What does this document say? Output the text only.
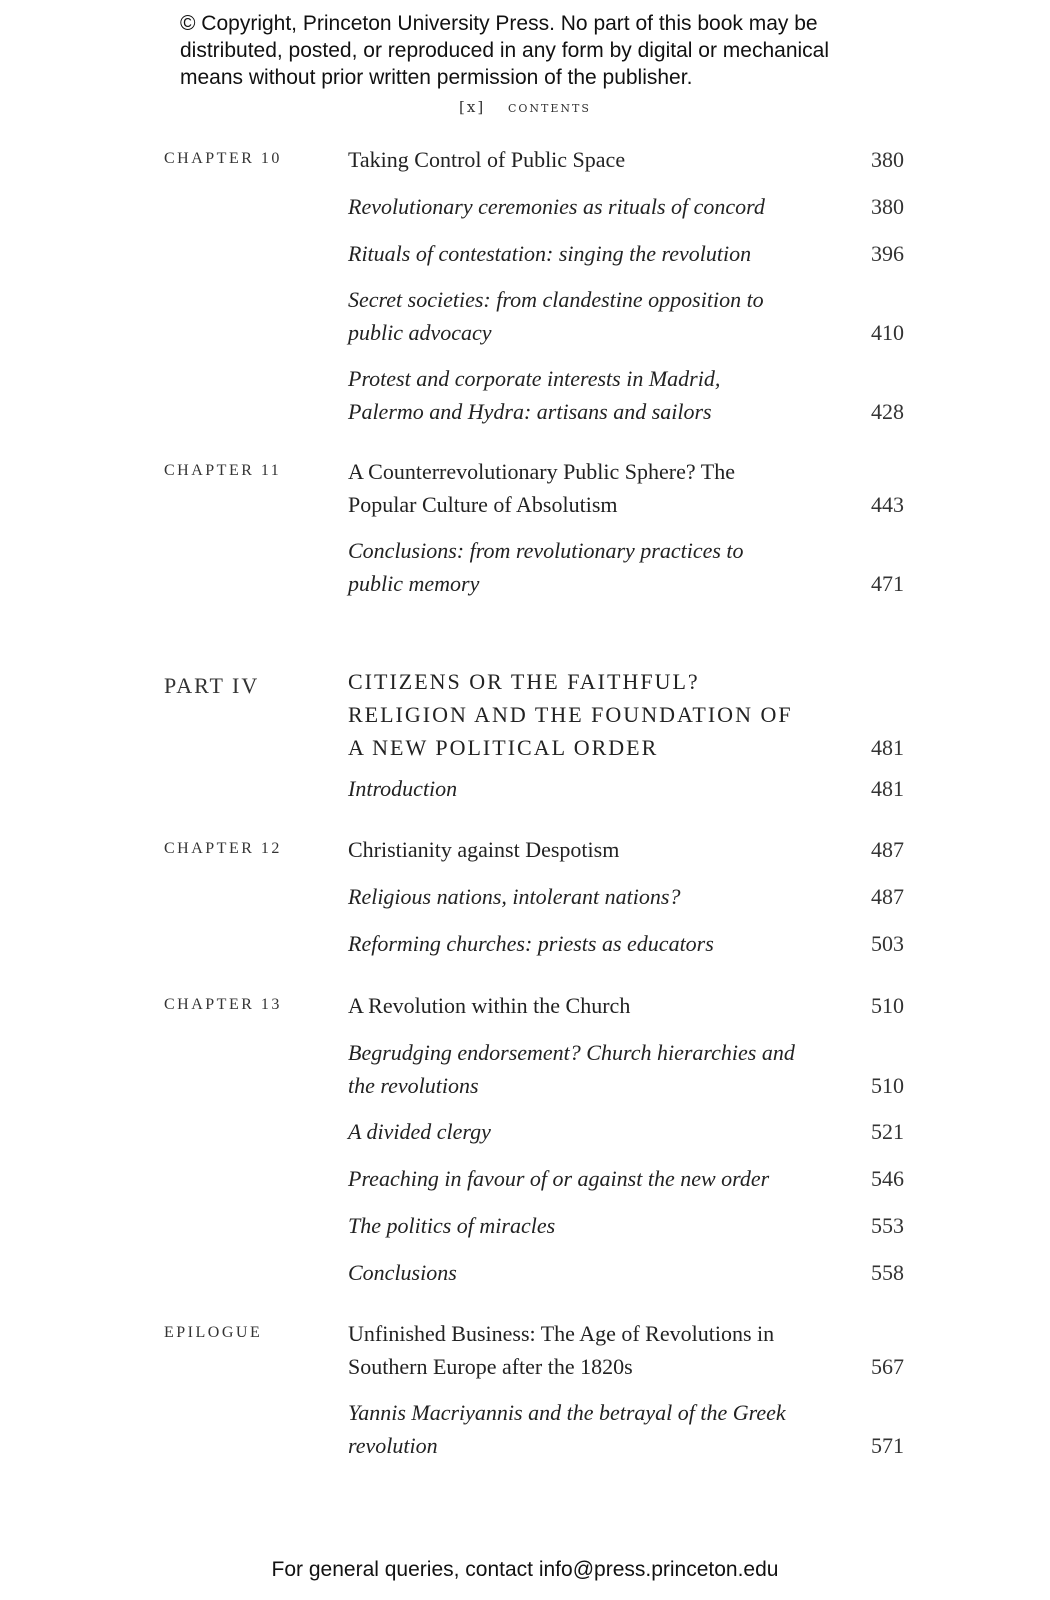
© Copyright, Princeton University Press. No part of this book may be
distributed, posted, or reproduced in any form by digital or mechanical
means without prior written permission of the publisher.
[x] contents
CHAPTER 10	Taking Control of Public Space	380
Revolutionary ceremonies as rituals of concord	380
Rituals of contestation: singing the revolution	396
Secret societies: from clandestine opposition to public advocacy	410
Protest and corporate interests in Madrid, Palermo and Hydra: artisans and sailors	428
CHAPTER 11	A Counterrevolutionary Public Sphere? The Popular Culture of Absolutism	443
Conclusions: from revolutionary practices to public memory	471
PART IV	CITIZENS OR THE FAITHFUL? RELIGION AND THE FOUNDATION OF A NEW POLITICAL ORDER	481
Introduction	481
CHAPTER 12	Christianity against Despotism	487
Religious nations, intolerant nations?	487
Reforming churches: priests as educators	503
CHAPTER 13	A Revolution within the Church	510
Begrudging endorsement? Church hierarchies and the revolutions	510
A divided clergy	521
Preaching in favour of or against the new order	546
The politics of miracles	553
Conclusions	558
EPILOGUE	Unfinished Business: The Age of Revolutions in Southern Europe after the 1820s	567
Yannis Macriyannis and the betrayal of the Greek revolution	571
For general queries, contact info@press.princeton.edu
